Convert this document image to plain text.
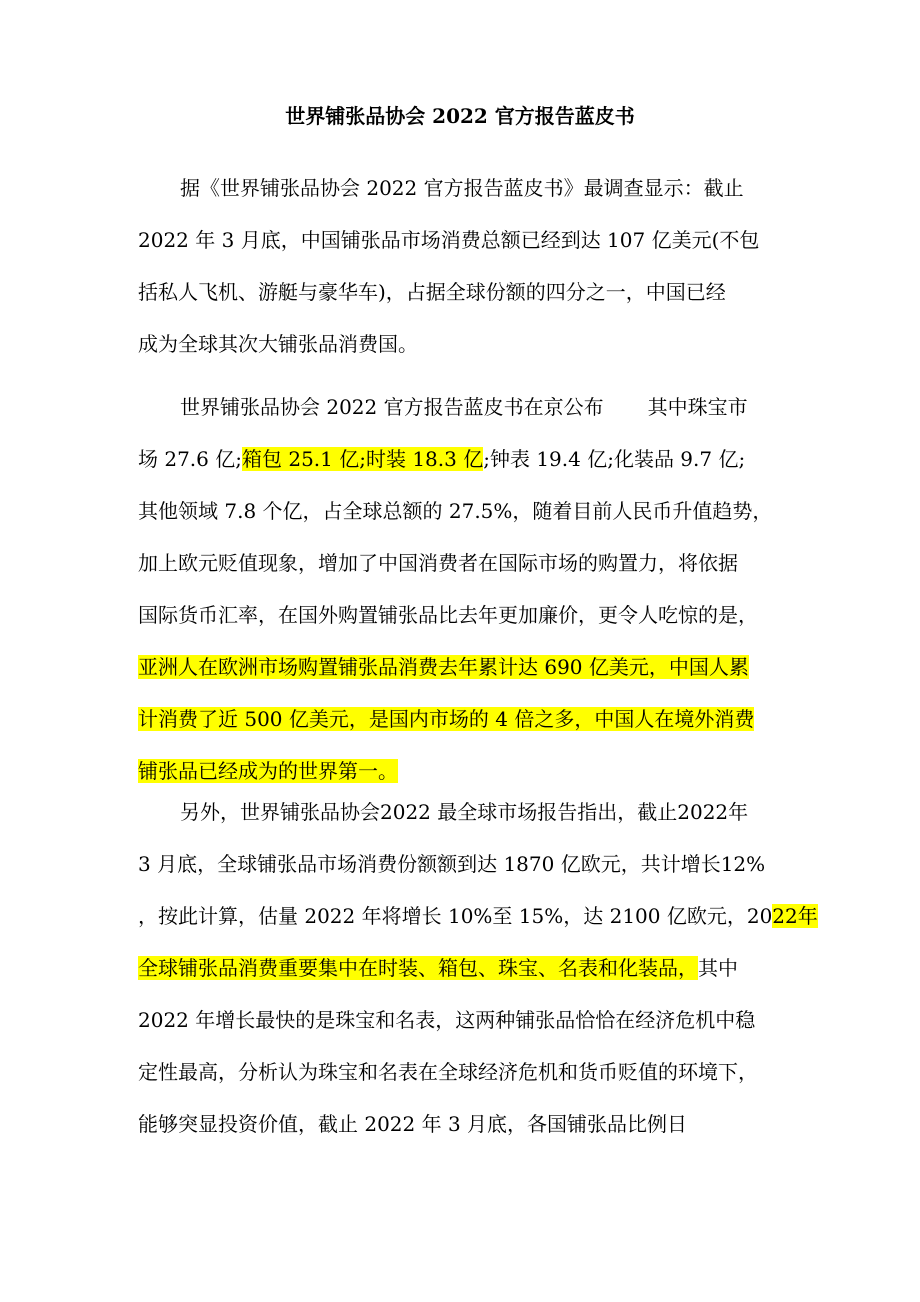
世界铺张品协会 2022 官方报告蓝皮书
据《世界铺张品协会 2022 官方报告蓝皮书》最调查显示：截止
2022 年 3 月底，中国铺张品市场消费总额已经到达 107 亿美元(不包
括私人飞机、游艇与豪华车)，占据全球份额的四分之一，中国已经
成为全球其次大铺张品消费国。
世界铺张品协会 2022 官方报告蓝皮书在京公布 其中珠宝市
场 27.6 亿;箱包 25.1 亿;时装 18.3 亿;钟表 19.4 亿;化装品 9.7 亿;
其他领域 7.8 个亿，占全球总额的 27.5%，随着目前人民币升值趋势，
加上欧元贬值现象，增加了中国消费者在国际市场的购置力，将依据
国际货币汇率，在国外购置铺张品比去年更加廉价，更令人吃惊的是，
亚洲人在欧洲市场购置铺张品消费去年累计达 690 亿美元，中国人累
计消费了近 500 亿美元，是国内市场的 4 倍之多，中国人在境外消费
铺张品已经成为的世界第一。
另外，世界铺张品协会2022 最全球市场报告指出，截止2022年
3 月底，全球铺张品市场消费份额额到达 1870 亿欧元，共计增长12%
，按此计算，估量 2022 年将增长 10%至 15%，达 2100 亿欧元，2022年
全球铺张品消费重要集中在时装、箱包、珠宝、名表和化装品，其中
2022 年增长最快的是珠宝和名表，这两种铺张品恰恰在经济危机中稳
定性最高，分析认为珠宝和名表在全球经济危机和货币贬值的环境下，
能够突显投资价值，截止 2022 年 3 月底，各国铺张品比例日
